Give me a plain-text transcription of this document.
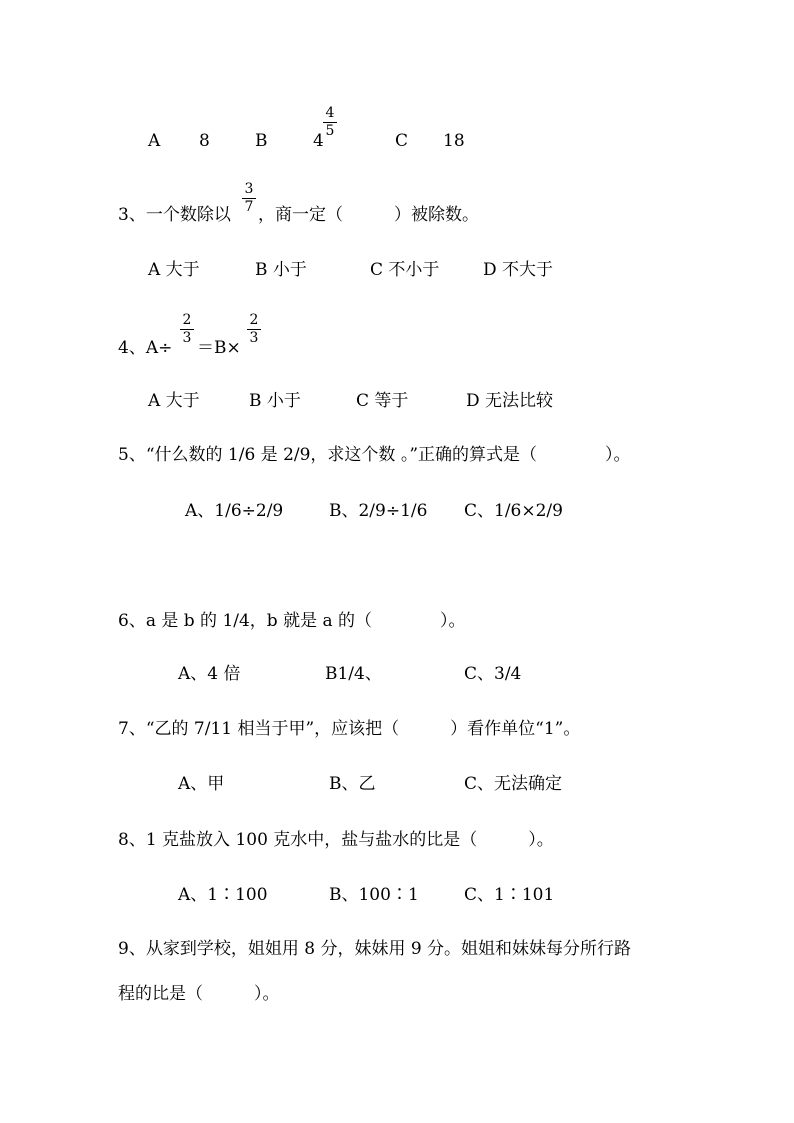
A 8	B	4
4
5	C 18
3、一个数除以
3
7 ，商一定（　　　）被除数。
A 大于	B 小于	C 不小于	D 不大于
4、A÷
2
3 ＝B×
2
3
A 大于	B 小于	C 等于	D 无法比较
5、“什么数的 1/6 是 2/9，求这个数 。”正确的算式是（　　　　）。
A、1/6÷2/9	B、2/9÷1/6 C、1/6×2/9
6、a 是 b 的 1/4，b 就是 a 的（　　　　）。
A、4 倍	B1/4、	C、3/4
7、“乙的 7/11 相当于甲”，应该把（　　　）看作单位“1”。
A、甲	B、乙	C、无法确定
8、1 克盐放入 100 克水中，盐与盐水的比是（　　　）。
A、1∶100	B、100∶1	C、1∶101
9、从家到学校，姐姐用 8 分，妹妹用 9 分。姐姐和妹妹每分所行路
程的比是（　　　）。
